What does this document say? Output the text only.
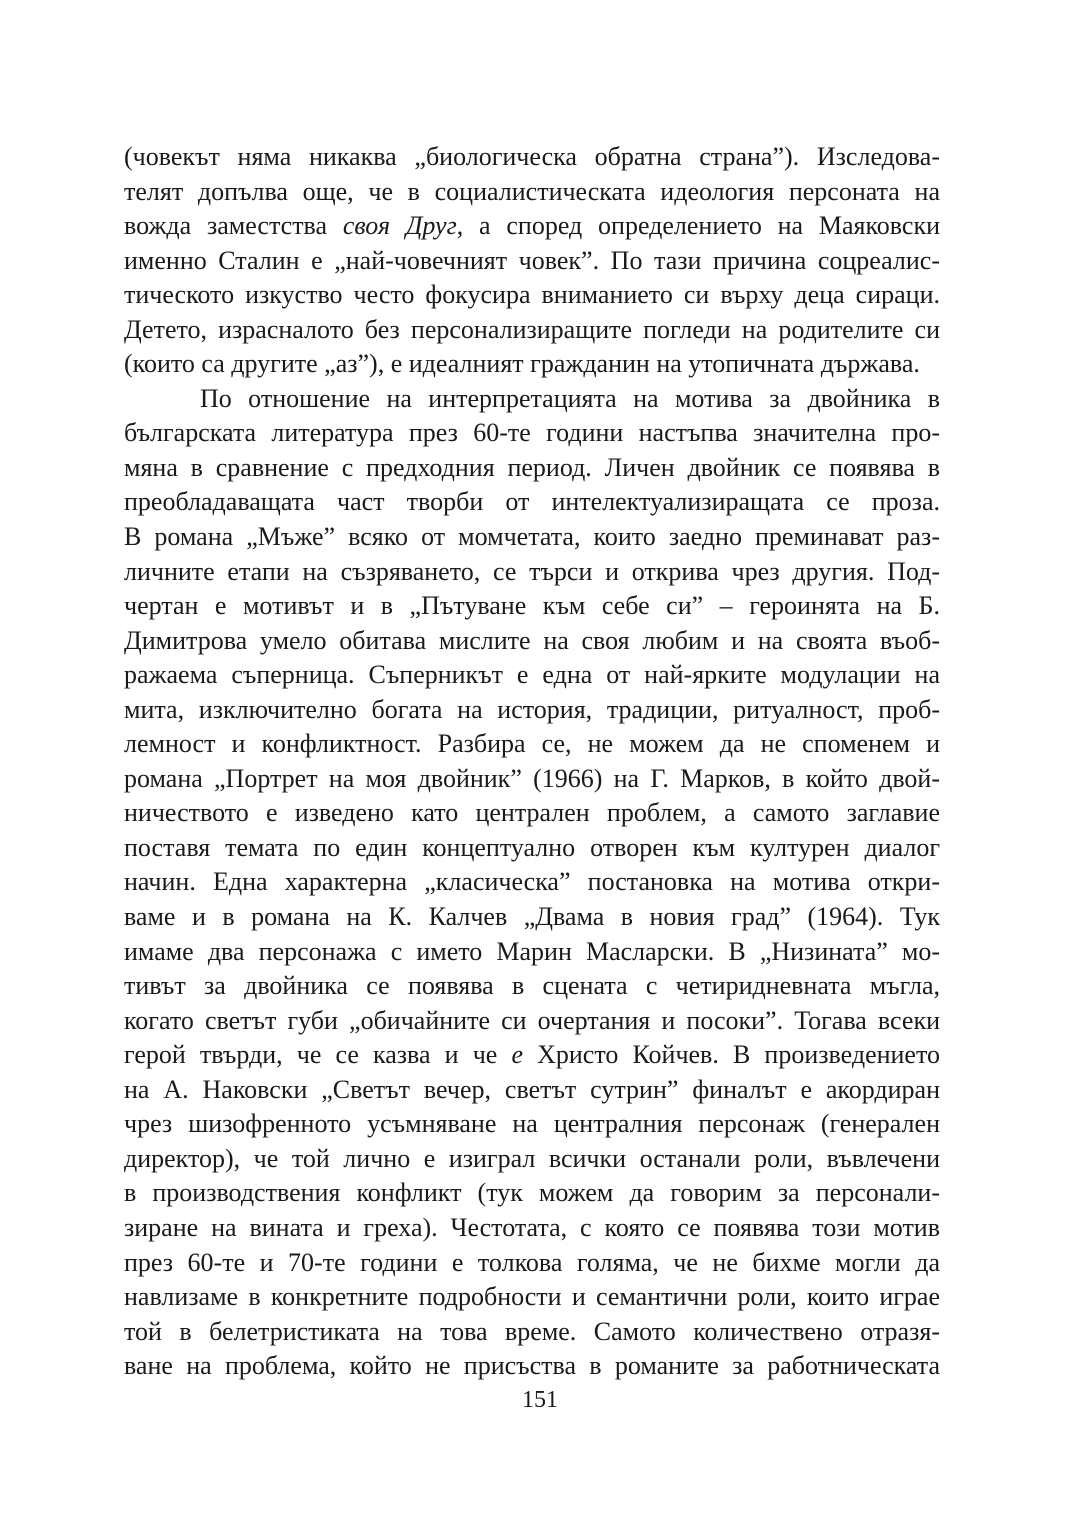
(човекът няма никаква „биологическа обратна страна”). Изследова-
телят допълва още, че в социалистическата идеология персоната на
вожда заместства своя Друг, а според определението на Маяковски
именно Сталин е „най-човечният човек”. По тази причина соцреалис-
тическото изкуство често фокусира вниманието си върху деца сираци.
Детето, израсналото без персонализиращите погледи на родителите си
(които са другите „аз”), е идеалният гражданин на утопичната държава.
По отношение на интерпретацията на мотива за двойника в
българската литература през 60-те години настъпва значителна про-
мяна в сравнение с предходния период. Личен двойник се появява в
преобладаващата част творби от интелектуализиращата се проза.
В романа „Мъже” всяко от момчетата, които заедно преминават раз-
личните етапи на съзряването, се търси и открива чрез другия. Под-
чертан е мотивът и в „Пътуване към себе си” – героинята на Б.
Димитрова умело обитава мислите на своя любим и на своята въоб-
ражаема съперница. Съперникът е една от най-ярките модулации на
мита, изключително богата на история, традиции, ритуалност, проб-
лемност и конфликтност. Разбира се, не можем да не споменем и
романа „Портрет на моя двойник” (1966) на Г. Марков, в който двой-
ничеството е изведено като централен проблем, а самото заглавие
поставя темата по един концептуално отворен към културен диалог
начин. Една характерна „класическа” постановка на мотива откри-
ваме и в романа на К. Калчев „Двама в новия град” (1964). Тук
имаме два персонажа с името Марин Масларски. В „Низината” мо-
тивът за двойника се появява в сцената с четиридневната мъгла,
когато светът губи „обичайните си очертания и посоки”. Тогава всеки
герой твърди, че се казва и че е Христо Койчев. В произведението
на А. Наковски „Светът вечер, светът сутрин” финалът е акордиран
чрез шизофренното усъмняване на централния персонаж (генерален
директор), че той лично е изиграл всички останали роли, въвлечени
в производствения конфликт (тук можем да говорим за персонали-
зиране на вината и греха). Честотата, с която се появява този мотив
през 60-те и 70-те години е толкова голяма, че не бихме могли да
навлизаме в конкретните подробности и семантични роли, които играе
той в белетристиката на това време. Самото количествено отразя-
ване на проблема, който не присъства в романите за работническата
151
